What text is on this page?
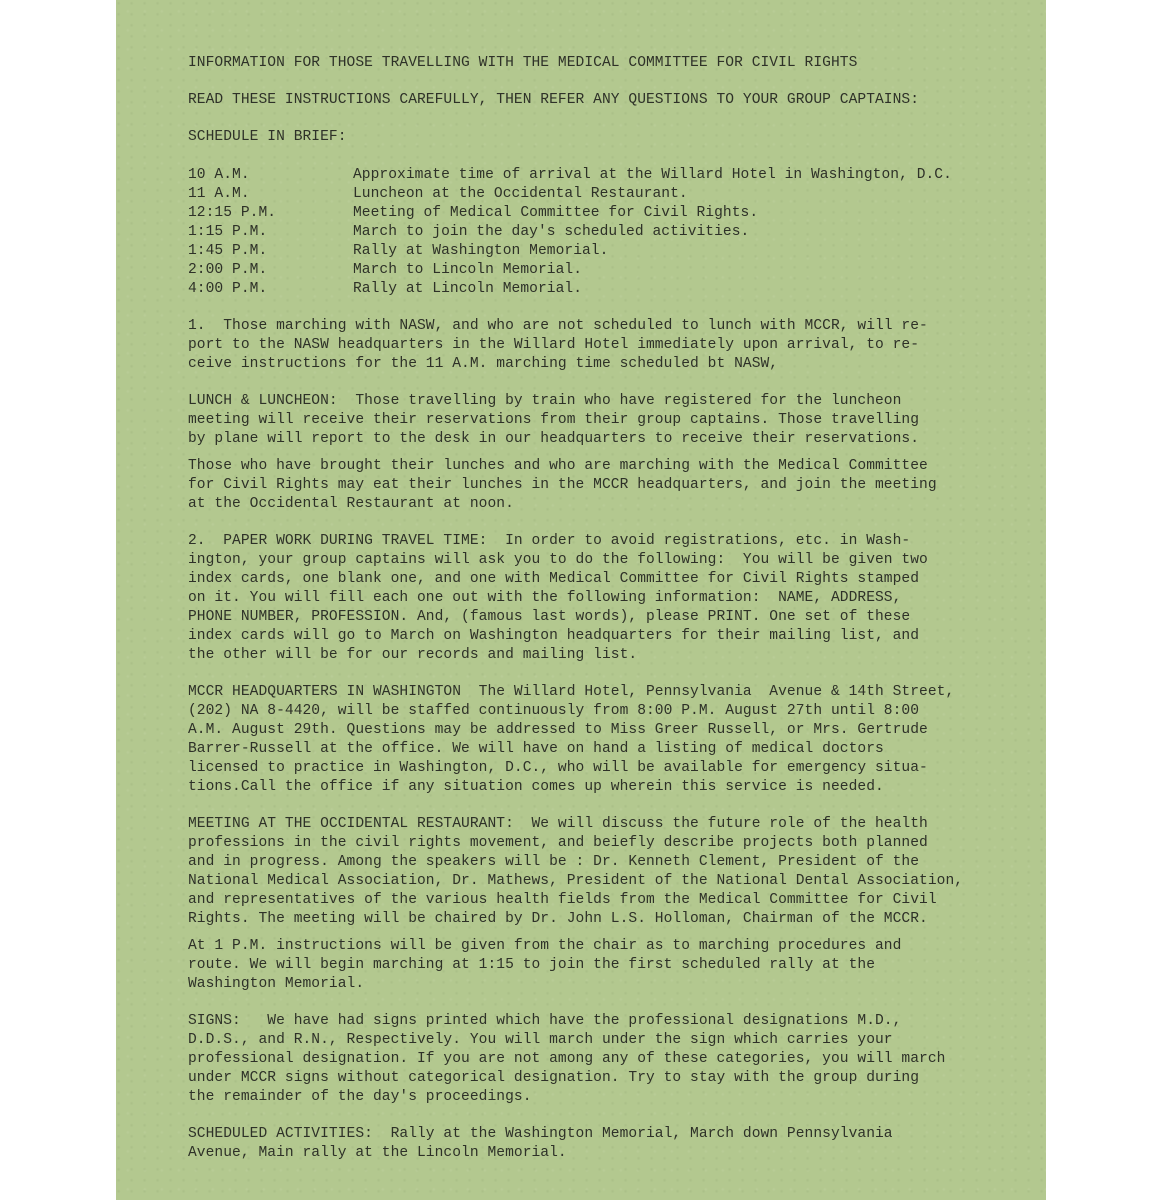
INFORMATION FOR THOSE TRAVELLING WITH THE MEDICAL COMMITTEE FOR CIVIL RIGHTS
READ THESE INSTRUCTIONS CAREFULLY, THEN REFER ANY QUESTIONS TO YOUR GROUP CAPTAINS:
SCHEDULE IN BRIEF:
10 A.M.	Approximate time of arrival at the Willard Hotel in Washington, D.C.
11 A.M.	Luncheon at the Occidental Restaurant.
12:15 P.M.	Meeting of Medical Committee for Civil Rights.
1:15 P.M.	March to join the day's scheduled activities.
1:45 P.M.	Rally at Washington Memorial.
2:00 P.M.	March to Lincoln Memorial.
4:00 P.M.	Rally at Lincoln Memorial.
1.  Those marching with NASW, and who are not scheduled to lunch with MCCR, will re-
port to the NASW headquarters in the Willard Hotel immediately upon arrival, to re-
ceive instructions for the 11 A.M. marching time scheduled bt NASW,
LUNCH & LUNCHEON:  Those travelling by train who have registered for the luncheon
meeting will receive their reservations from their group captains. Those travelling
by plane will report to the desk in our headquarters to receive their reservations.
Those who have brought their lunches and who are marching with the Medical Committee
for Civil Rights may eat their lunches in the MCCR headquarters, and join the meeting
at the Occidental Restaurant at noon.
2.  PAPER WORK DURING TRAVEL TIME:  In order to avoid registrations, etc. in Wash-
ington, your group captains will ask you to do the following:  You will be given two
index cards, one blank one, and one with Medical Committee for Civil Rights stamped
on it. You will fill each one out with the following information:  NAME, ADDRESS,
PHONE NUMBER, PROFESSION. And, (famous last words), please PRINT. One set of these
index cards will go to March on Washington headquarters for their mailing list, and
the other will be for our records and mailing list.
MCCR HEADQUARTERS IN WASHINGTON  The Willard Hotel, Pennsylvania  Avenue & 14th Street,
(202) NA 8-4420, will be staffed continuously from 8:00 P.M. August 27th until 8:00
A.M. August 29th. Questions may be addressed to Miss Greer Russell, or Mrs. Gertrude
Barrer-Russell at the office. We will have on hand a listing of medical doctors
licensed to practice in Washington, D.C., who will be available for emergency situa-
tions.Call the office if any situation comes up wherein this service is needed.
MEETING AT THE OCCIDENTAL RESTAURANT:  We will discuss the future role of the health
professions in the civil rights movement, and beiefly describe projects both planned
and in progress. Among the speakers will be : Dr. Kenneth Clement, President of the
National Medical Association, Dr. Mathews, President of the National Dental Association,
and representatives of the various health fields from the Medical Committee for Civil
Rights. The meeting will be chaired by Dr. John L.S. Holloman, Chairman of the MCCR.
At 1 P.M. instructions will be given from the chair as to marching procedures and
route. We will begin marching at 1:15 to join the first scheduled rally at the
Washington Memorial.
SIGNS:   We have had signs printed which have the professional designations M.D.,
D.D.S., and R.N., Respectively. You will march under the sign which carries your
professional designation. If you are not among any of these categories, you will march
under MCCR signs without categorical designation. Try to stay with the group during
the remainder of the day's proceedings.
SCHEDULED ACTIVITIES:  Rally at the Washington Memorial, March down Pennsylvania
Avenue, Main rally at the Lincoln Memorial.
